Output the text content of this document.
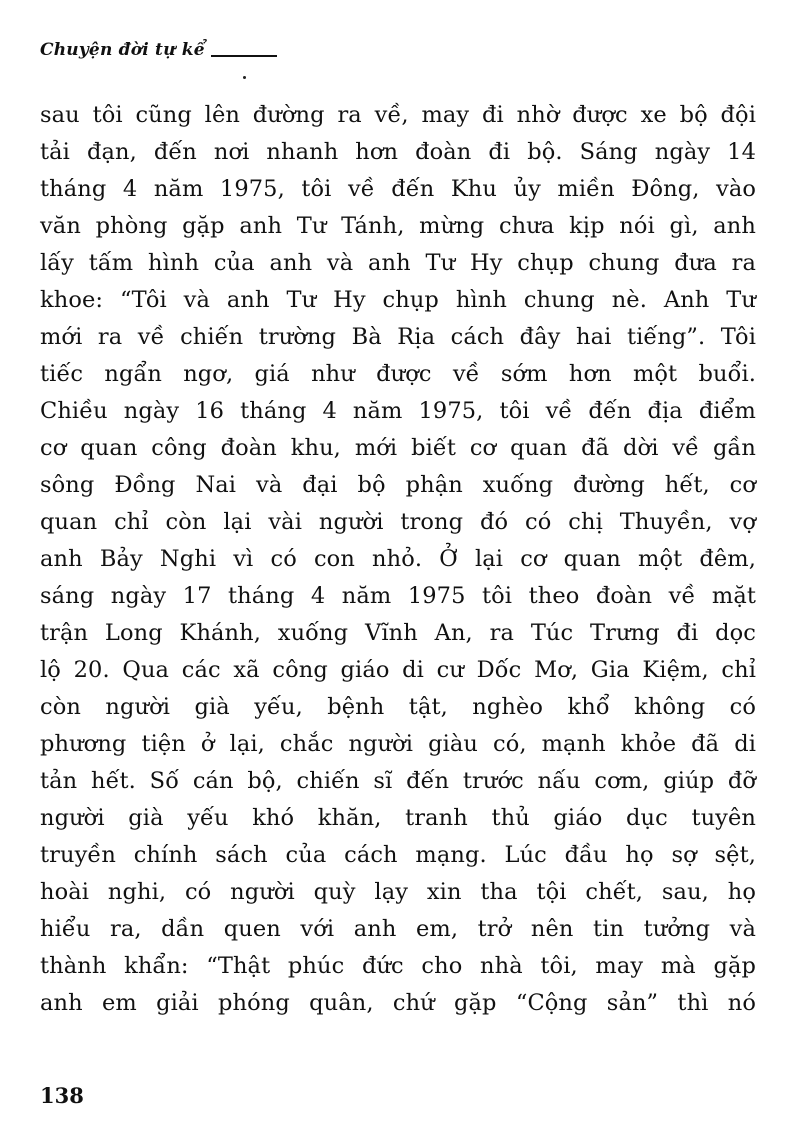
Chuyện đời tự kể
sau tôi cũng lên đường ra về, may đi nhờ được xe bộ đội
tải đạn, đến nơi nhanh hơn đoàn đi bộ. Sáng ngày 14
tháng 4 năm 1975, tôi về đến Khu ủy miền Đông, vào
văn phòng gặp anh Tư Tánh, mừng chưa kịp nói gì, anh
lấy tấm hình của anh và anh Tư Hy chụp chung đưa ra
khoe: “Tôi và anh Tư Hy chụp hình chung nè. Anh Tư
mới ra về chiến trường Bà Rịa cách đây hai tiếng”. Tôi
tiếc ngẩn ngơ, giá như được về sớm hơn một buổi.
Chiều ngày 16 tháng 4 năm 1975, tôi về đến địa điểm
cơ quan công đoàn khu, mới biết cơ quan đã dời về gần
sông Đồng Nai và đại bộ phận xuống đường hết, cơ
quan chỉ còn lại vài người trong đó có chị Thuyền, vợ
anh Bảy Nghi vì có con nhỏ. Ở lại cơ quan một đêm,
sáng ngày 17 tháng 4 năm 1975 tôi theo đoàn về mặt
trận Long Khánh, xuống Vĩnh An, ra Túc Trưng đi dọc
lộ 20. Qua các xã công giáo di cư Dốc Mơ, Gia Kiệm, chỉ
còn người già yếu, bệnh tật, nghèo khổ không có
phương tiện ở lại, chắc người giàu có, mạnh khỏe đã di
tản hết. Số cán bộ, chiến sĩ đến trước nấu cơm, giúp đỡ
người già yếu khó khăn, tranh thủ giáo dục tuyên
truyền chính sách của cách mạng. Lúc đầu họ sợ sệt,
hoài nghi, có người quỳ lạy xin tha tội chết, sau, họ
hiểu ra, dần quen với anh em, trở nên tin tưởng và
thành khẩn: “Thật phúc đức cho nhà tôi, may mà gặp
anh em giải phóng quân, chứ gặp “Cộng sản” thì nó
138
